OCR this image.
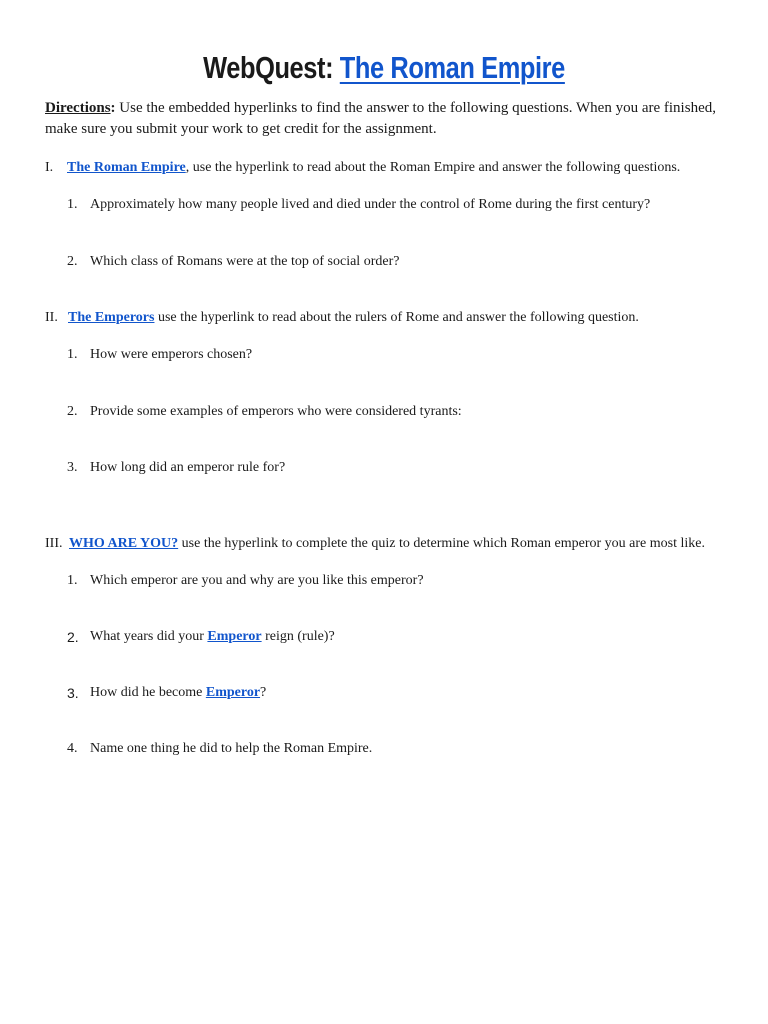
WebQuest: The Roman Empire
Directions: Use the embedded hyperlinks to find the answer to the following questions. When you are finished, make sure you submit your work to get credit for the assignment.
I. The Roman Empire, use the hyperlink to read about the Roman Empire and answer the following questions.
1. Approximately how many people lived and died under the control of Rome during the first century?
2. Which class of Romans were at the top of social order?
II. The Emperors use the hyperlink to read about the rulers of Rome and answer the following question.
1. How were emperors chosen?
2. Provide some examples of emperors who were considered tyrants:
3. How long did an emperor rule for?
III. WHO ARE YOU? use the hyperlink to complete the quiz to determine which Roman emperor you are most like.
1. Which emperor are you and why are you like this emperor?
2. What years did your Emperor reign (rule)?
3. How did he become Emperor?
4. Name one thing he did to help the Roman Empire.
